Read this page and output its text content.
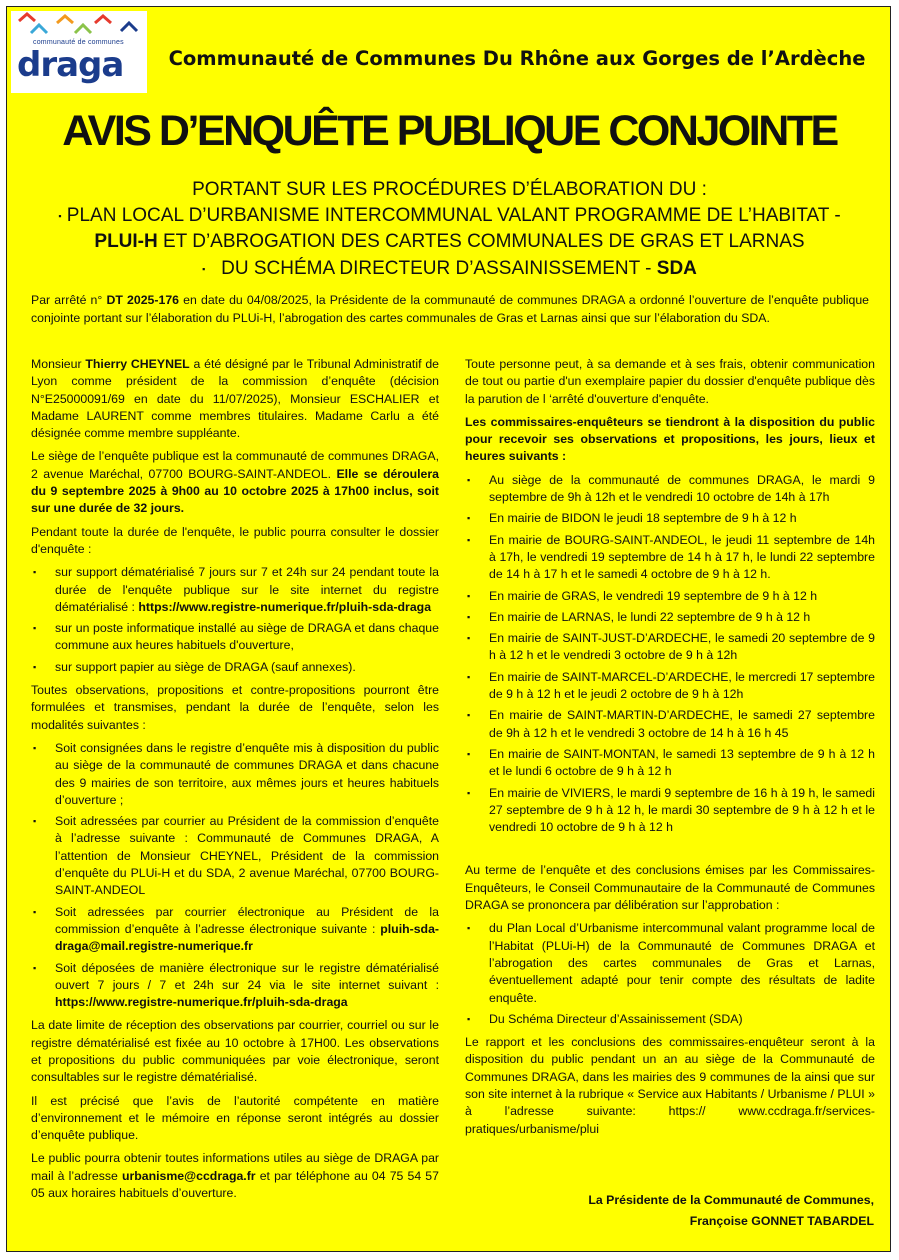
communauté de communes
draga	Communauté de Communes Du Rhône aux Gorges de l’Ardèche
AVIS D’ENQUÊTE PUBLIQUE CONJOINTE
PORTANT SUR LES PROCÉDURES D’ÉLABORATION DU :
▪ PLAN LOCAL D’URBANISME INTERCOMMUNAL VALANT PROGRAMME DE L’HABITAT -
PLUI-H ET D’ABROGATION DES CARTES COMMUNALES DE GRAS ET LARNAS
▪ DU SCHÉMA DIRECTEUR D’ASSAINISSEMENT - SDA
Par arrêté n° DT 2025-176 en date du 04/08/2025, la Présidente de la communauté de communes DRAGA a ordonné l’ouverture de l’enquête publique conjointe portant sur l’élaboration du PLUi-H, l’abrogation des cartes communales de Gras et Larnas ainsi que sur l’élaboration du SDA.

Monsieur Thierry CHEYNEL a été désigné par le Tribunal Administratif de Lyon comme président de la commission d’enquête (décision N°E25000091/69 en date du 11/07/2025), Monsieur ESCHALIER et Madame LAURENT comme membres titulaires. Madame Carlu a été désignée comme membre suppléante.

Le siège de l’enquête publique est la communauté de communes DRAGA, 2 avenue Maréchal, 07700 BOURG-SAINT-ANDEOL. Elle se déroulera du 9 septembre 2025 à 9h00 au 10 octobre 2025 à 17h00 inclus, soit sur une durée de 32 jours.

Pendant toute la durée de l'enquête, le public pourra consulter le dossier d'enquête :

▪ sur support dématérialisé 7 jours sur 7 et 24h sur 24 pendant toute la durée de l'enquête publique sur le site internet du registre dématérialisé : https://www.registre-numerique.fr/pluih-sda-draga
▪ sur un poste informatique installé au siège de DRAGA et dans chaque commune aux heures habituels d'ouverture,
▪ sur support papier au siège de DRAGA (sauf annexes).

Toutes observations, propositions et contre-propositions pourront être formulées et transmises, pendant la durée de l’enquête, selon les modalités suivantes :

▪ Soit consignées dans le registre d’enquête mis à disposition du public au siège de la communauté de communes DRAGA et dans chacune des 9 mairies de son territoire, aux mêmes jours et heures habituels d’ouverture ;
▪ Soit adressées par courrier au Président de la commission d’enquête à l’adresse suivante : Communauté de Communes DRAGA, A l’attention de Monsieur CHEYNEL, Président de la commission d’enquête du PLUi-H et du SDA, 2 avenue Maréchal, 07700 BOURG-SAINT-ANDEOL
▪ Soit adressées par courrier électronique au Président de la commission d’enquête à l’adresse électronique suivante : pluih-sda-draga@mail.registre-numerique.fr
▪ Soit déposées de manière électronique sur le registre dématérialisé ouvert 7 jours / 7 et 24h sur 24 via le site internet suivant : https://www.registre-numerique.fr/pluih-sda-draga

La date limite de réception des observations par courrier, courriel ou sur le registre dématérialisé est fixée au 10 octobre à 17H00. Les observations et propositions du public communiquées par voie électronique, seront consultables sur le registre dématérialisé.

Il est précisé que l’avis de l’autorité compétente en matière d’environnement et le mémoire en réponse seront intégrés au dossier d’enquête publique.

Le public pourra obtenir toutes informations utiles au siège de DRAGA par mail à l’adresse urbanisme@ccdraga.fr et par téléphone au 04 75 54 57 05 aux horaires habituels d’ouverture.

Toute personne peut, à sa demande et à ses frais, obtenir communication de tout ou partie d'un exemplaire papier du dossier d'enquête publique dès la parution de l ‘arrêté d'ouverture d'enquête.

Les commissaires-enquêteurs se tiendront à la disposition du public pour recevoir ses observations et propositions, les jours, lieux et heures suivants :

▪ Au siège de la communauté de communes DRAGA, le mardi 9 septembre de 9h à 12h et le vendredi 10 octobre de 14h à 17h
▪ En mairie de BIDON le jeudi 18 septembre de 9 h à 12 h
▪ En mairie de BOURG-SAINT-ANDEOL, le jeudi 11 septembre de 14h à 17h, le vendredi 19 septembre de 14 h à 17 h, le lundi 22 septembre de 14 h à 17 h et le samedi 4 octobre de 9 h à 12 h.
▪ En mairie de GRAS, le vendredi 19 septembre de 9 h à 12 h
▪ En mairie de LARNAS, le lundi 22 septembre de 9 h à 12 h
▪ En mairie de SAINT-JUST-D’ARDECHE, le samedi 20 septembre de 9 h à 12 h et le vendredi 3 octobre de 9 h à 12h
▪ En mairie de SAINT-MARCEL-D’ARDECHE, le mercredi 17 septembre de 9 h à 12 h et le jeudi 2 octobre de 9 h à 12h
▪ En mairie de SAINT-MARTIN-D’ARDECHE, le samedi 27 septembre de 9h à 12 h et le vendredi 3 octobre de 14 h à 16 h 45
▪ En mairie de SAINT-MONTAN, le samedi 13 septembre de 9 h à 12 h et le lundi 6 octobre de 9 h à 12 h
▪ En mairie de VIVIERS, le mardi 9 septembre de 16 h à 19 h, le samedi 27 septembre de 9 h à 12 h, le mardi 30 septembre de 9 h à 12 h et le vendredi 10 octobre de 9 h à 12 h

Au terme de l’enquête et des conclusions émises par les Commissaires-Enquêteurs, le Conseil Communautaire de la Communauté de Communes DRAGA se prononcera par délibération sur l’approbation :

▪ du Plan Local d’Urbanisme intercommunal valant programme local de l’Habitat (PLUi-H) de la Communauté de Communes DRAGA et l’abrogation des cartes communales de Gras et Larnas, éventuellement adapté pour tenir compte des résultats de ladite enquête.
▪ Du Schéma Directeur d’Assainissement (SDA)

Le rapport et les conclusions des commissaires-enquêteur seront à la disposition du public pendant un an au siège de la Communauté de Communes DRAGA, dans les mairies des 9 communes de la ainsi que sur son site internet à la rubrique « Service aux Habitants / Urbanisme / PLUI » à l’adresse suivante: https:// www.ccdraga.fr/services-pratiques/urbanisme/plui

La Présidente de la Communauté de Communes,
Françoise GONNET TABARDEL
